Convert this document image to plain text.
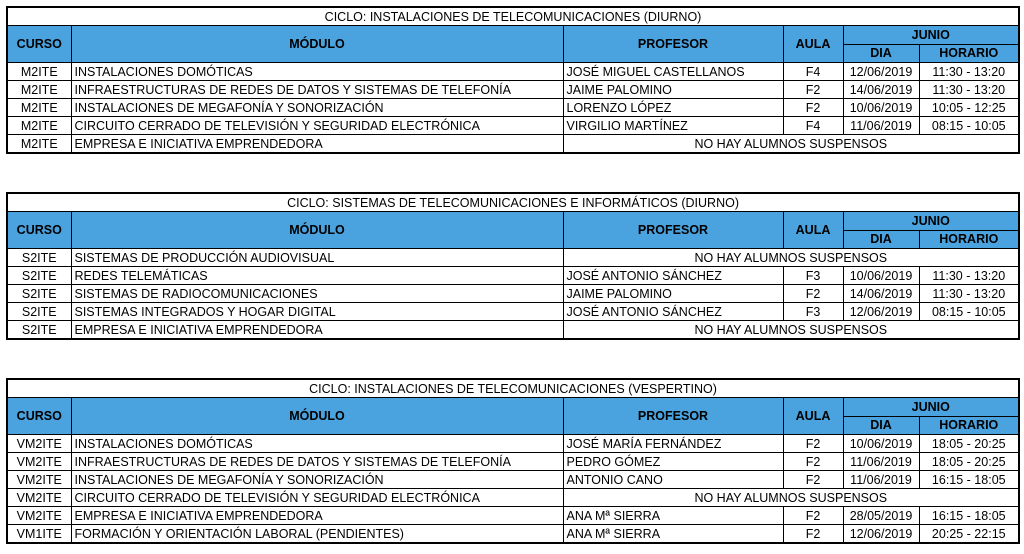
CICLO: INSTALACIONES DE TELECOMUNICACIONES (DIURNO)					
CURSO	MÓDULO	PROFESOR	AULA	JUNIO	
				DIA	HORARIO
M2ITE	INSTALACIONES DOMÓTICAS	JOSÉ MIGUEL CASTELLANOS	F4	12/06/2019	11:30 - 13:20
M2ITE	INFRAESTRUCTURAS DE REDES DE DATOS Y SISTEMAS DE TELEFONÍA	JAIME PALOMINO	F2	14/06/2019	11:30 - 13:20
M2ITE	INSTALACIONES DE MEGAFONÍA Y SONORIZACIÓN	LORENZO LÓPEZ	F2	10/06/2019	10:05 - 12:25
M2ITE	CIRCUITO CERRADO DE TELEVISIÓN Y SEGURIDAD ELECTRÓNICA	VIRGILIO MARTÍNEZ	F4	11/06/2019	08:15 - 10:05
M2ITE	EMPRESA E INICIATIVA EMPRENDEDORA	NO HAY ALUMNOS SUSPENSOS			
CICLO: SISTEMAS DE TELECOMUNICACIONES E INFORMÁTICOS (DIURNO)					
CURSO	MÓDULO	PROFESOR	AULA	JUNIO	
				DIA	HORARIO
S2ITE	SISTEMAS DE PRODUCCIÓN AUDIOVISUAL	NO HAY ALUMNOS SUSPENSOS			
S2ITE	REDES TELEMÁTICAS	JOSÉ ANTONIO SÁNCHEZ	F3	10/06/2019	11:30 - 13:20
S2ITE	SISTEMAS DE RADIOCOMUNICACIONES	JAIME PALOMINO	F2	14/06/2019	11:30 - 13:20
S2ITE	SISTEMAS INTEGRADOS Y HOGAR DIGITAL	JOSÉ ANTONIO SÁNCHEZ	F3	12/06/2019	08:15 - 10:05
S2ITE	EMPRESA E INICIATIVA EMPRENDEDORA	NO HAY ALUMNOS SUSPENSOS			
CICLO: INSTALACIONES DE TELECOMUNICACIONES (VESPERTINO)					
CURSO	MÓDULO	PROFESOR	AULA	JUNIO	
				DIA	HORARIO
VM2ITE	INSTALACIONES DOMÓTICAS	JOSÉ MARÍA FERNÁNDEZ	F2	10/06/2019	18:05 - 20:25
VM2ITE	INFRAESTRUCTURAS DE REDES DE DATOS Y SISTEMAS DE TELEFONÍA	PEDRO GÓMEZ	F2	11/06/2019	18:05 - 20:25
VM2ITE	INSTALACIONES DE MEGAFONÍA Y SONORIZACIÓN	ANTONIO CANO	F2	11/06/2019	16:15 - 18:05
VM2ITE	CIRCUITO CERRADO DE TELEVISIÓN Y SEGURIDAD ELECTRÓNICA	NO HAY ALUMNOS SUSPENSOS			
VM2ITE	EMPRESA E INICIATIVA EMPRENDEDORA	ANA Mª SIERRA	F2	28/05/2019	16:15 - 18:05
VM1ITE	FORMACIÓN Y ORIENTACIÓN LABORAL (PENDIENTES)	ANA Mª SIERRA	F2	12/06/2019	20:25 - 22:15
